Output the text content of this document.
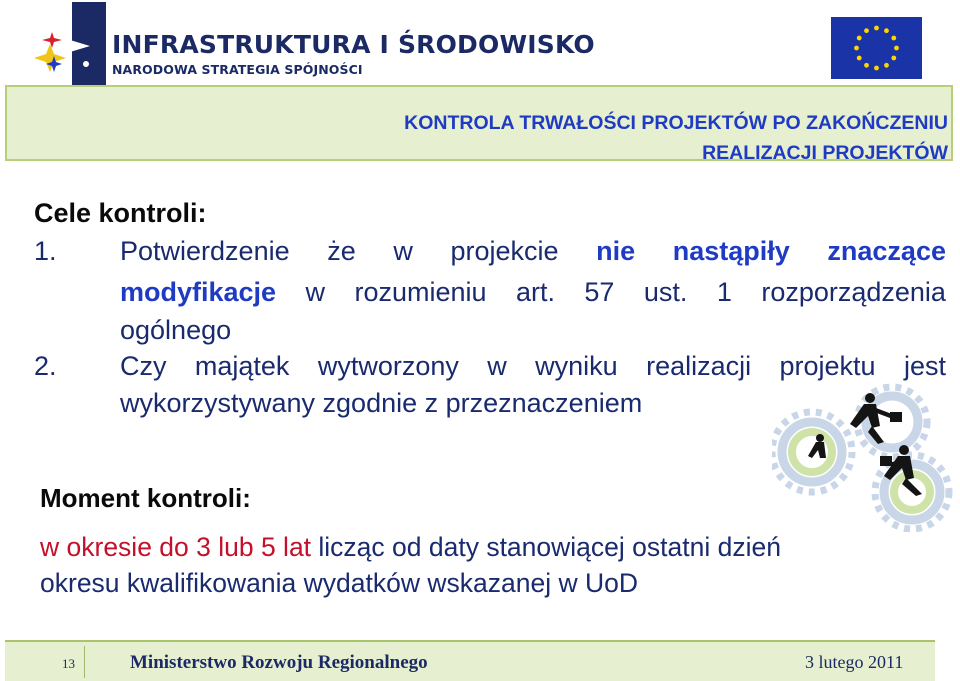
INFRASTRUKTURA I ŚRODOWISKO
NARODOWA STRATEGIA SPÓJNOŚCI
KONTROLA TRWAŁOŚCI PROJEKTÓW PO ZAKOŃCZENIU
REALIZACJI PROJEKTÓW
Cele kontroli:
1. Potwierdzenie że w projekcie nie nastąpiły znaczące
modyfikacje w rozumieniu art. 57 ust. 1 rozporządzenia
ogólnego
2. Czy majątek wytworzony w wyniku realizacji projektu jest
wykorzystywany zgodnie z przeznaczeniem
Moment kontroli:
w okresie do 3 lub 5 lat licząc od daty stanowiącej ostatni dzień
okresu kwalifikowania wydatków wskazanej w UoD
13	Ministerstwo Rozwoju Regionalnego	3 lutego 2011
